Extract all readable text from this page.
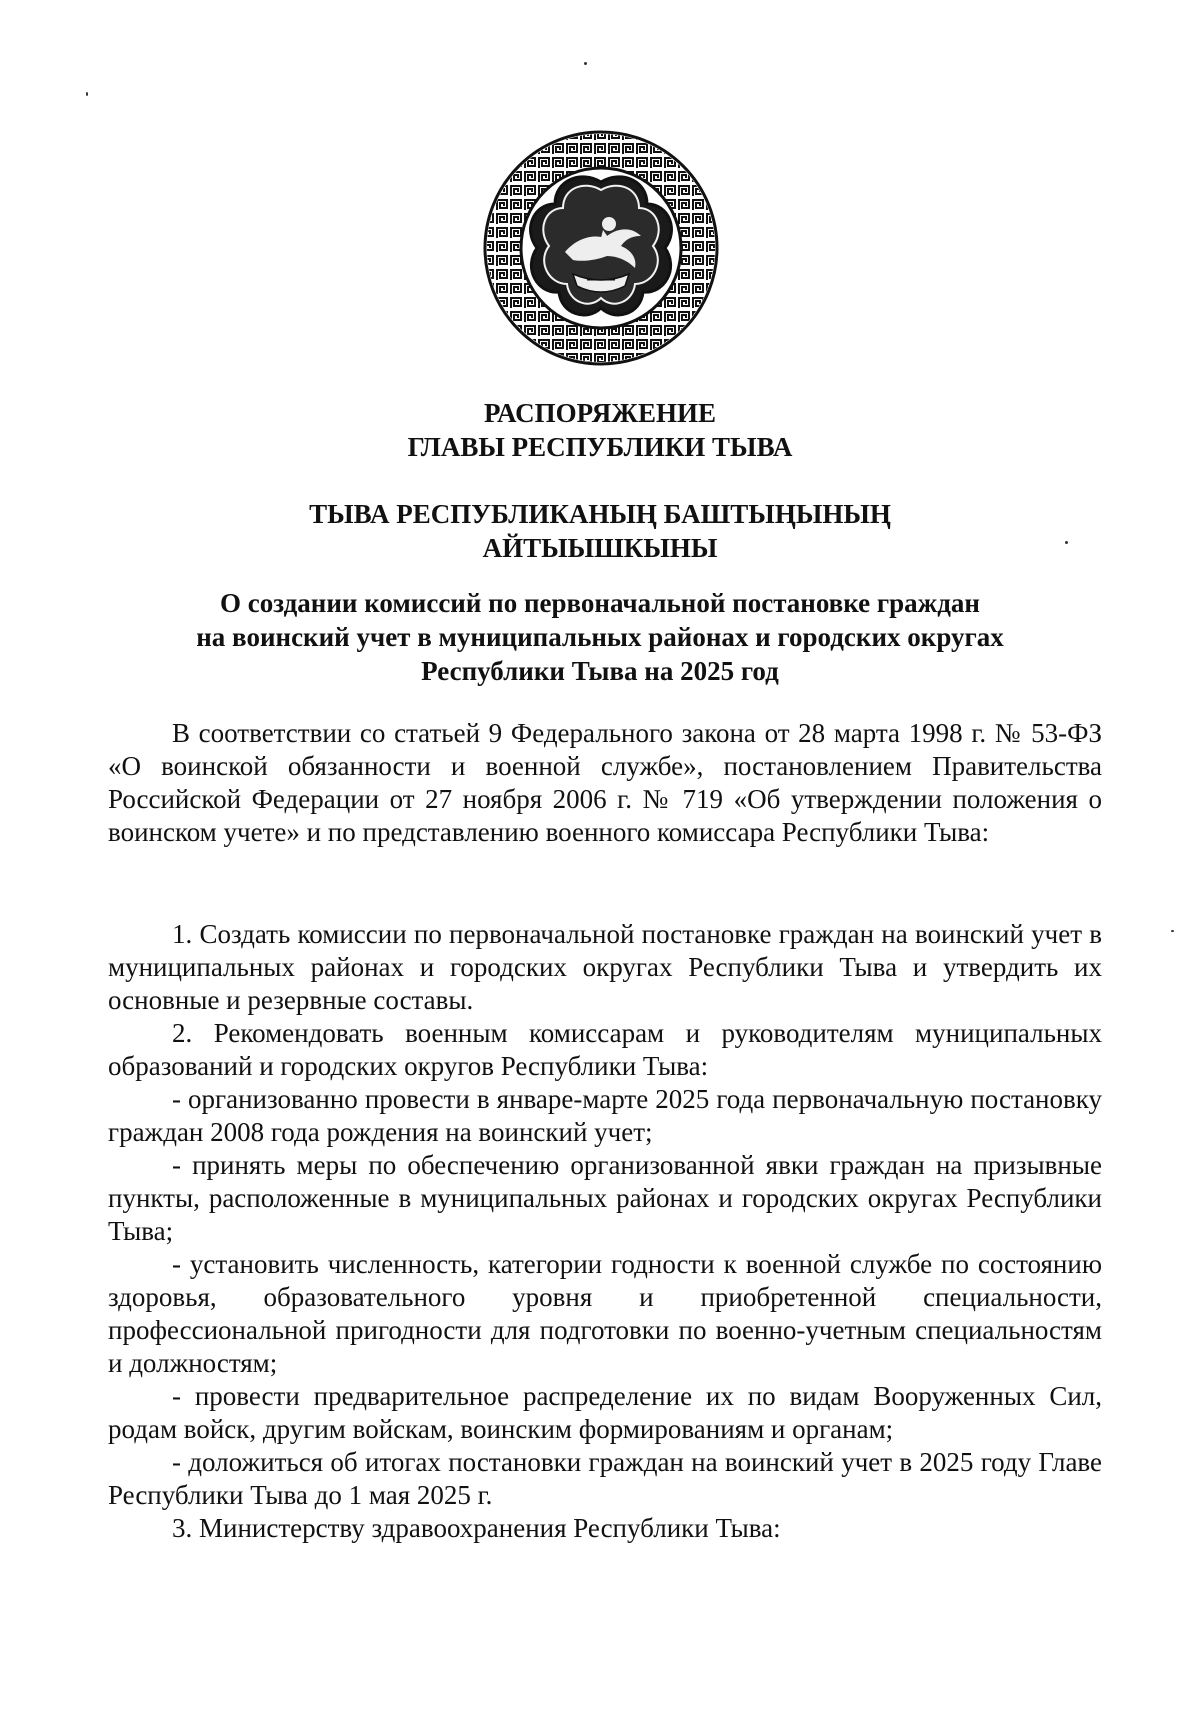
РАСПОРЯЖЕНИЕ
ГЛАВЫ РЕСПУБЛИКИ ТЫВА
ТЫВА РЕСПУБЛИКАНЫҢ БАШТЫҢЫНЫҢ
АЙТЫЫШКЫНЫ
О создании комиссий по первоначальной постановке граждан
на воинский учет в муниципальных районах и городских округах
Республики Тыва на 2025 год

В соответствии со статьей 9 Федерального закона от 28 марта 1998 г. № 53-ФЗ «О воинской обязанности и военной службе», постановлением Правительства Российской Федерации от 27 ноября 2006 г. № 719 «Об утверждении положения о воинском учете» и по представлению военного комиссара Республики Тыва:

1. Создать комиссии по первоначальной постановке граждан на воинский учет в муниципальных районах и городских округах Республики Тыва и утвердить их основные и резервные составы.

2. Рекомендовать военным комиссарам и руководителям муниципальных образований и городских округов Республики Тыва:

- организованно провести в январе-марте 2025 года первоначальную постановку граждан 2008 года рождения на воинский учет;

- принять меры по обеспечению организованной явки граждан на призывные пункты, расположенные в муниципальных районах и городских округах Республики Тыва;

- установить численность, категории годности к военной службе по состоянию здоровья, образовательного уровня и приобретенной специальности, профессиональной пригодности для подготовки по военно-учетным специальностям и должностям;

- провести предварительное распределение их по видам Вооруженных Сил, родам войск, другим войскам, воинским формированиям и органам;

- доложиться об итогах постановки граждан на воинский учет в 2025 году Главе Республики Тыва до 1 мая 2025 г.

3. Министерству здравоохранения Республики Тыва:
